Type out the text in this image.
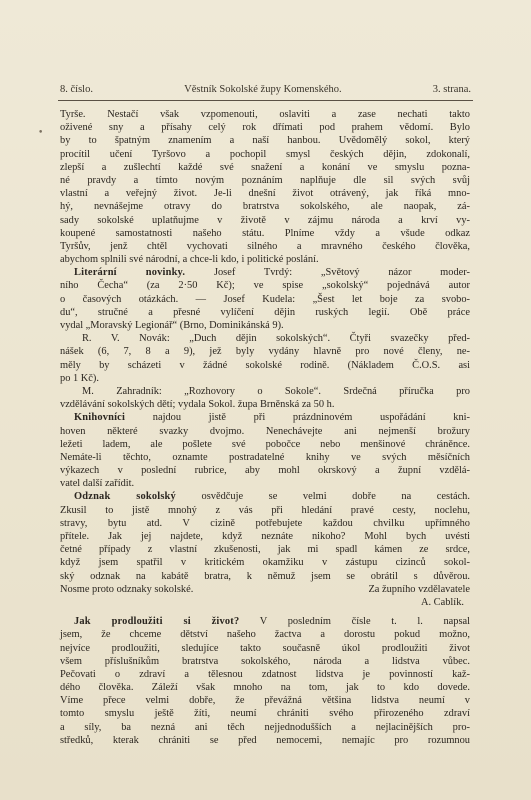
8. číslo.	Věstník Sokolské župy Komenského.	3. strana.
•
Tyrše. Nestačí však vzpomenouti, oslaviti a zase nechati takto
oživené sny a přísahy celý rok dřímati pod prahem vědomí. Bylo
by to špatným znamením a naší hanbou. Uvědomělý sokol, který
procítil učení Tyršovo a pochopil smysl českých dějin, zdokonalí,
zlepší a zušlechtí každé své snažení a konání ve smyslu pozna-
né pravdy a tímto novým poznáním naplňuje dle sil svých svůj
vlastní a veřejný život. Je-li dnešní život otrávený, jak říká mno-
hý, nevnášejme otravy do bratrstva sokolského, ale naopak, zá-
sady sokolské uplatňujme v životě v zájmu národa a krví vy-
koupené samostatnosti našeho státu. Plníme vždy a všude odkaz
Tyršův, jenž chtěl vychovati silného a mravného českého člověka,
abychom splnili své národní, a chce-li kdo, i politické poslání.
Literární novinky.	Josef Tvrdý: „Světový názor moder-
ního Čecha“ (za 2·50 Kč); ve spise „sokolský“ pojednává autor
o časových otázkách. — Josef Kudela: „Šest let boje za svobo-
du“, stručné a přesné vylíčení dějin ruských legií. Obě práce
vydal „Moravský Legionář“ (Brno, Dominikánská 9).
R. V. Novák: „Duch dějin sokolských“. Čtyři svazečky před-
nášek (6, 7, 8 a 9), jež byly vydány hlavně pro nové členy, ne-
měly by scházeti v žádné sokolské rodině. (Nákladem Č.O.S. asi
po 1 Kč).
M. Zahradník: „Rozhovory o Sokole“. Srdečná příručka pro
vzdělávání sokolských dětí; vydala Sokol. župa Brněnská za 50 h.
Knihovníci	najdou jistě při prázdninovém uspořádání kni-
hoven některé svazky dvojmo. Nenechávejte ani nejmenší brožury
ležeti ladem, ale pošlete své pobočce nebo menšinové chráněnce.
Nemáte-li těchto, oznamte postradatelné knihy ve svých měsíčních
výkazech v poslední rubrice, aby mohl okrskový a župní vzdělá-
vatel další zařídit.
Odznak sokolský osvědčuje se velmi dobře na cestách.
Zkusil to jistě mnohý z vás při hledání pravé cesty, noclehu,
stravy, bytu atd. V cizině potřebujete každou chvilku upřímného
přítele. Jak jej najdete, když neznáte nikoho? Mohl bych uvésti
četné případy z vlastní zkušenosti, jak mi spadl kámen ze srdce,
když jsem spatřil v kritickém okamžiku v zástupu cizinců sokol-
ský odznak na kabátě bratra, k němuž jsem se obrátil s důvěrou.
Nosme proto odznaky sokolské.	Za župního vzdělavatele
A. Cablík.
Jak prodloužiti si život? V posledním čísle t. l. napsal
jsem, že chceme dětství našeho žactva a dorostu pokud možno,
nejvíce prodloužiti, sledujíce takto současně úkol prodloužiti život
všem příslušníkům bratrstva sokolského, národa a lidstva vůbec.
Pečovati o zdraví a tělesnou zdatnost lidstva je povinností kaž-
dého člověka. Záleží však mnoho na tom, jak to kdo dovede.
Víme přece velmi dobře, že převážná většina lidstva neumí v
tomto smyslu ještě žíti, neumí chrániti svého přirozeného zdraví
a síly, ba nezná ani těch nejjednodušších a nejlacinějších pro-
středků, kterak chrániti se před nemocemi, nemajíc pro rozumnou
